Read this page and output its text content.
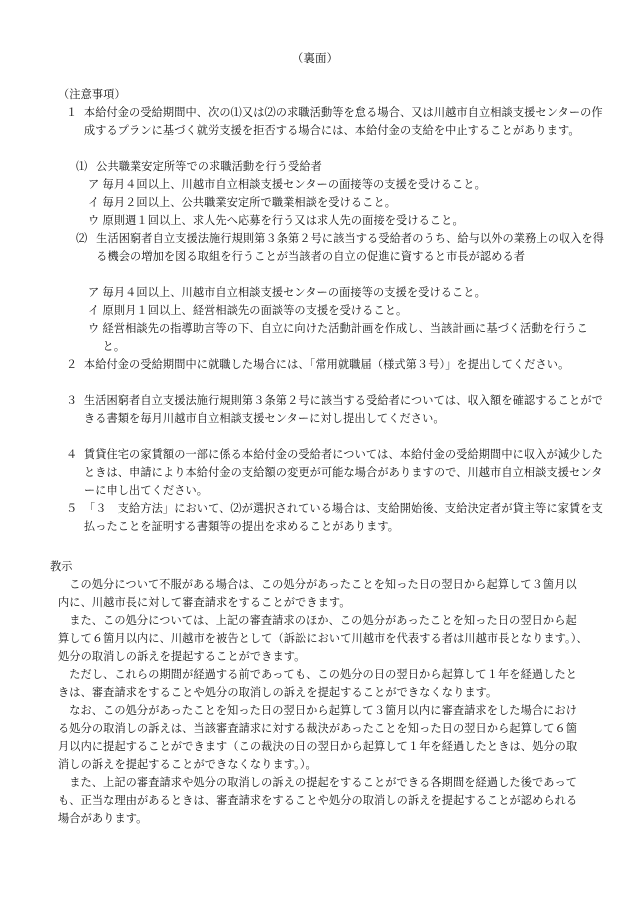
（裏面）
（注意事項）
１ 本給付金の受給期間中、次の⑴又は⑵の求職活動等を怠る場合、又は川越市自立相談支援センターの作成するプランに基づく就労支援を拒否する場合には、本給付金の支給を中止することがあります。
⑴ 公共職業安定所等での求職活動を行う受給者
ア 毎月４回以上、川越市自立相談支援センターの面接等の支援を受けること。
イ 毎月２回以上、公共職業安定所で職業相談を受けること。
ウ 原則週１回以上、求人先へ応募を行う又は求人先の面接を受けること。
⑵ 生活困窮者自立支援法施行規則第３条第２号に該当する受給者のうち、給与以外の業務上の収入を得る機会の増加を図る取組を行うことが当該者の自立の促進に資すると市長が認める者
ア 毎月４回以上、川越市自立相談支援センターの面接等の支援を受けること。
イ 原則月１回以上、経営相談先の面談等の支援を受けること。
ウ 経営相談先の指導助言等の下、自立に向けた活動計画を作成し、当該計画に基づく活動を行うこと。
２ 本給付金の受給期間中に就職した場合には、「常用就職届（様式第３号）」を提出してください。
３ 生活困窮者自立支援法施行規則第３条第２号に該当する受給者については、収入額を確認することができる書類を毎月川越市自立相談支援センターに対し提出してください。
４ 賃貸住宅の家賃額の一部に係る本給付金の受給者については、本給付金の受給期間中に収入が減少したときは、申請により本給付金の支給額の変更が可能な場合がありますので、川越市自立相談支援センターに申し出てください。
５ 「３　支給方法」において、⑵が選択されている場合は、支給開始後、支給決定者が貸主等に家賃を支払ったことを証明する書類等の提出を求めることがあります。
教示

この処分について不服がある場合は、この処分があったことを知った日の翌日から起算して３箇月以内に、川越市長に対して審査請求をすることができます。

また、この処分については、上記の審査請求のほか、この処分があったことを知った日の翌日から起算して６箇月以内に、川越市を被告として（訴訟において川越市を代表する者は川越市長となります。）、処分の取消しの訴えを提起することができます。

ただし、これらの期間が経過する前であっても、この処分の日の翌日から起算して１年を経過したときは、審査請求をすることや処分の取消しの訴えを提起することができなくなります。

なお、この処分があったことを知った日の翌日から起算して３箇月以内に審査請求をした場合における処分の取消しの訴えは、当該審査請求に対する裁決があったことを知った日の翌日から起算して６箇月以内に提起することができます（この裁決の日の翌日から起算して１年を経過したときは、処分の取消しの訴えを提起することができなくなります。）。

また、上記の審査請求や処分の取消しの訴えの提起をすることができる各期間を経過した後であっても、正当な理由があるときは、審査請求をすることや処分の取消しの訴えを提起することが認められる場合があります。
